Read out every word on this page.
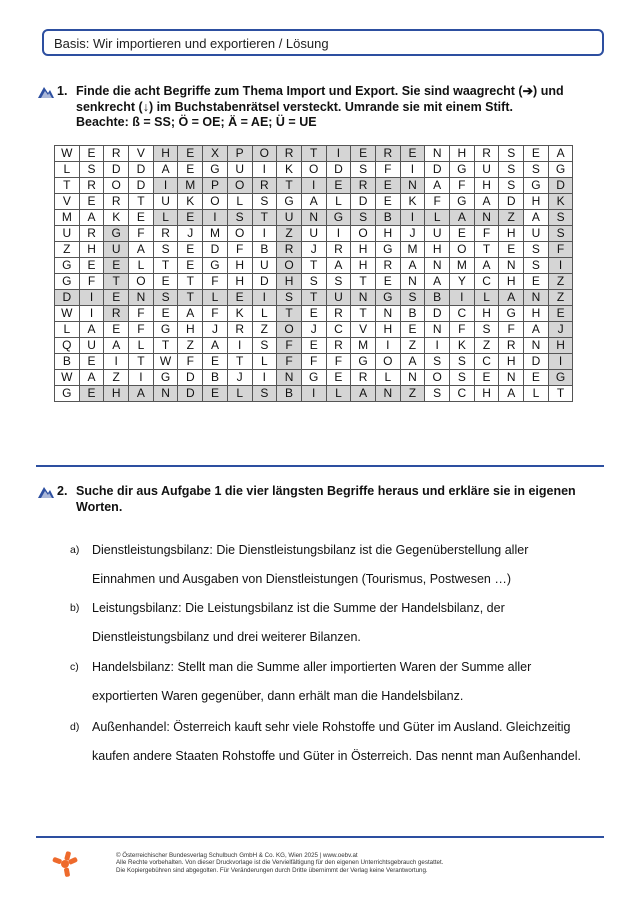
Basis: Wir importieren und exportieren / Lösung
1. Finde die acht Begriffe zum Thema Import und Export. Sie sind waagrecht (➔) und
senkrecht (↓) im Buchstabenrätsel versteckt. Umrande sie mit einem Stift.
Beachte: ß = SS; Ö = OE; Ä = AE; Ü = UE
W	E	R	V	H	E	X	P	O	R	T	I	E	R	E	N	H	R	S	E	A
L	S	D	D	A	E	G	U	I	K	O	D	S	F	I	D	G	U	S	S	G
T	R	O	D	I	M	P	O	R	T	I	E	R	E	N	A	F	H	S	G	D
V	E	R	T	U	K	O	L	S	G	A	L	D	E	K	F	G	A	D	H	K
M	A	K	E	L	E	I	S	T	U	N	G	S	B	I	L	A	N	Z	A	S
U	R	G	F	R	J	M	O	I	Z	U	I	O	H	J	U	E	F	H	U	S
Z	H	U	A	S	E	D	F	B	R	J	R	H	G	M	H	O	T	E	S	F
G	E	E	L	T	E	G	H	U	O	T	A	H	R	A	N	M	A	N	S	I
G	F	T	O	E	T	F	H	D	H	S	S	T	E	N	A	Y	C	H	E	Z
D	I	E	N	S	T	L	E	I	S	T	U	N	G	S	B	I	L	A	N	Z
W	I	R	F	E	A	F	K	L	T	E	R	T	N	B	D	C	H	G	H	E
L	A	E	F	G	H	J	R	Z	O	J	C	V	H	E	N	F	S	F	A	J
Q	U	A	L	T	Z	A	I	S	F	E	R	M	I	Z	I	K	Z	R	N	H
B	E	I	T	W	F	E	T	L	F	F	F	G	O	A	S	S	C	H	D	I
W	A	Z	I	G	D	B	J	I	N	G	E	R	L	N	O	S	E	N	E	G
G	E	H	A	N	D	E	L	S	B	I	L	A	N	Z	S	C	H	A	L	T
2. Suche dir aus Aufgabe 1 die vier längsten Begriffe heraus und erkläre sie in eigenen
Worten.
a) Dienstleistungsbilanz: Die Dienstleistungsbilanz ist die Gegenüberstellung aller
Einnahmen und Ausgaben von Dienstleistungen (Tourismus, Postwesen …)
b) Leistungsbilanz: Die Leistungsbilanz ist die Summe der Handelsbilanz, der
Dienstleistungsbilanz und drei weiterer Bilanzen.
c) Handelsbilanz: Stellt man die Summe aller importierten Waren der Summe aller
exportierten Waren gegenüber, dann erhält man die Handelsbilanz.
d) Außenhandel: Österreich kauft sehr viele Rohstoffe und Güter im Ausland. Gleichzeitig
kaufen andere Staaten Rohstoffe und Güter in Österreich. Das nennt man Außenhandel.
© Österreichischer Bundesverlag Schulbuch GmbH & Co. KG, Wien 2025 | www.oebv.at
Alle Rechte vorbehalten. Von dieser Druckvorlage ist die Vervielfältigung für den eigenen Unterrichtsgebrauch gestattet.
Die Kopiergebühren sind abgegolten. Für Veränderungen durch Dritte übernimmt der Verlag keine Verantwortung.
